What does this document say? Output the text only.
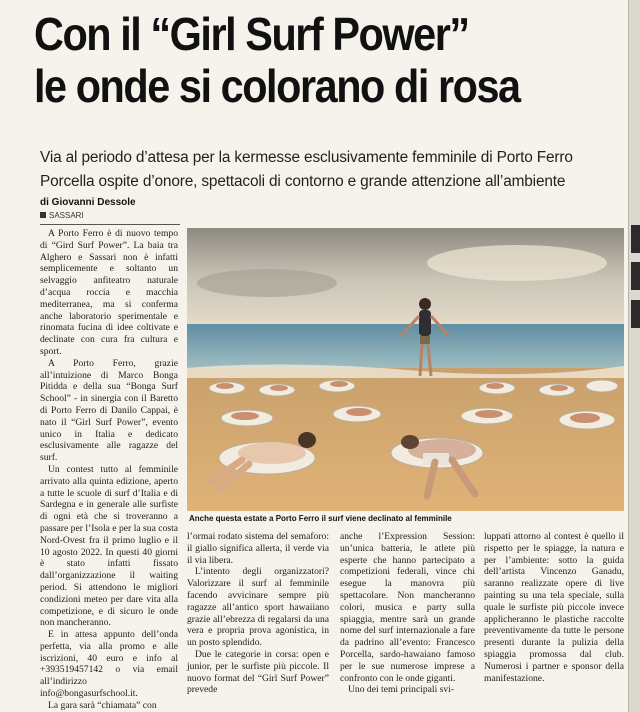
Con il “Girl Surf Power”
le onde si colorano di rosa

Via al periodo d’attesa per la kermesse esclusivamente femminile di Porto Ferro
Porcella ospite d’onore, spettacoli di contorno e grande attenzione all’ambiente

di Giovanni Dessole
SASSARI

A Porto Ferro è di nuovo tempo di “Gird Surf Power”. La baia tra Alghero e Sassari non è infatti semplicemente e soltanto un selvaggio anfiteatro naturale d’acqua roccia e macchia mediterranea, ma si conferma anche laboratorio sperimentale e rinomata fucina di idee coltivate e declinate con cura fra cultura e sport.

A Porto Ferro, grazie all’intuizione di Marco Bonga Pitidda e della sua “Bonga Surf School” - in sinergia con il Baretto di Porto Ferro di Danilo Cappai, è nato il “Girl Surf Power”, evento unico in Italia e dedicato esclusivamente alle ragazze del surf.

Un contest tutto al femminile arrivato alla quinta edizione, aperto a tutte le scuole di surf d’Italia e di Sardegna e in generale alle surfiste di ogni età che si troveranno a passare per l’Isola e per la sua costa Nord-Ovest fra il primo luglio e il 10 agosto 2022. In questi 40 giorni è stato infatti fissato dall’organizzazione il waiting period. Si attendono le migliori condizioni meteo per dare vita alla competizione, e di sicuro le onde non mancheranno.

E in attesa appunto dell’onda perfetta, via alla promo e alle iscrizioni, 40 euro e info al +393519457142 o via email all’indirizzo info@bongasurfschool.it.

La gara sarà “chiamata” con

Anche questa estate a Porto Ferro il surf viene declinato al femminile

l’ormai rodato sistema del semaforo: il giallo significa allerta, il verde via il via libera.

L’intento degli organizzatori? Valorizzare il surf al femminile facendo avvicinare sempre più ragazze all’antico sport hawaiiano grazie all’ebrezza di regalarsi da una vera e propria prova agonistica, in un posto splendido.

Due le categorie in corsa: open e junior, per le surfiste più piccole. Il nuovo format del “Girl Surf Power” prevede

anche l’Expression Session: un’unica batteria, le atlete più esperte che hanno partecipato a competizioni federali, vince chi esegue la manovra più spettacolare. Non mancheranno colori, musica e party sulla spiaggia, mentre sarà un grande nome del surf internazionale a fare da padrino all’evento: Francesco Porcella, sardo-hawaiano famoso per le sue numerose imprese a confronto con le onde giganti.

Uno dei temi principali svi-

luppati attorno al contest è quello il rispetto per le spiagge, la natura e per l’ambiente: sotto la guida dell’artista Vincenzo Ganadu, saranno realizzate opere di live painting su una tela speciale, sulla quale le surfiste più piccole invece applicheranno le plastiche raccolte preventivamente da tutte le persone presenti durante la pulizia della spiaggia promossa dal club. Numerosi i partner e sponsor della manifestazione.
